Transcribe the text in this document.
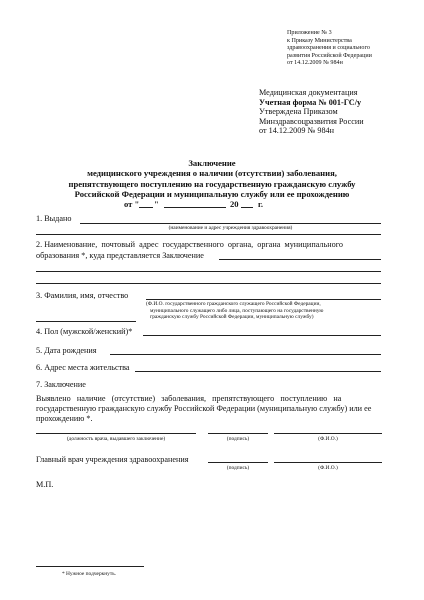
Приложение № 3
к Приказу Министерства
здравоохранения и социального
развития Российской Федерации
от 14.12.2009 № 984н
Медицинская документация
Учетная форма № 001-ГС/у
Утверждена Приказом
Минздравсоцразвития России
от 14.12.2009 № 984н
Заключение
медицинского учреждения о наличии (отсутствии) заболевания,
препятствующего поступлению на государственную гражданскую службу
Российской Федерации и муниципальную службу или ее прохождению
от " "	20 г.
1. Выдано
(наименование и адрес учреждения здравоохранения)
2. Наименование,  почтовый  адрес  государственного  органа,  органа  муниципального
образования *, куда представляется Заключение
3. Фамилия, имя, отчество
(Ф.И.О. государственного гражданского служащего Российской Федерации,
муниципального служащего либо лица, поступающего на государственную
гражданскую службу Российской Федерации, муниципальную службу)
4. Пол (мужской/женский)*
5. Дата рождения
6. Адрес места жительства
7. Заключение
Выявлено   наличие   (отсутствие)   заболевания,   препятствующего   поступлению   на
государственную гражданскую службу Российской Федерации (муниципальную службу) или ее
прохождению *.
(должность врача, выдавшего заключение)	(подпись)	(Ф.И.О.)
Главный врач учреждения здравоохранения
(подпись)	(Ф.И.О.)
М.П.
* Нужное подчеркнуть.
